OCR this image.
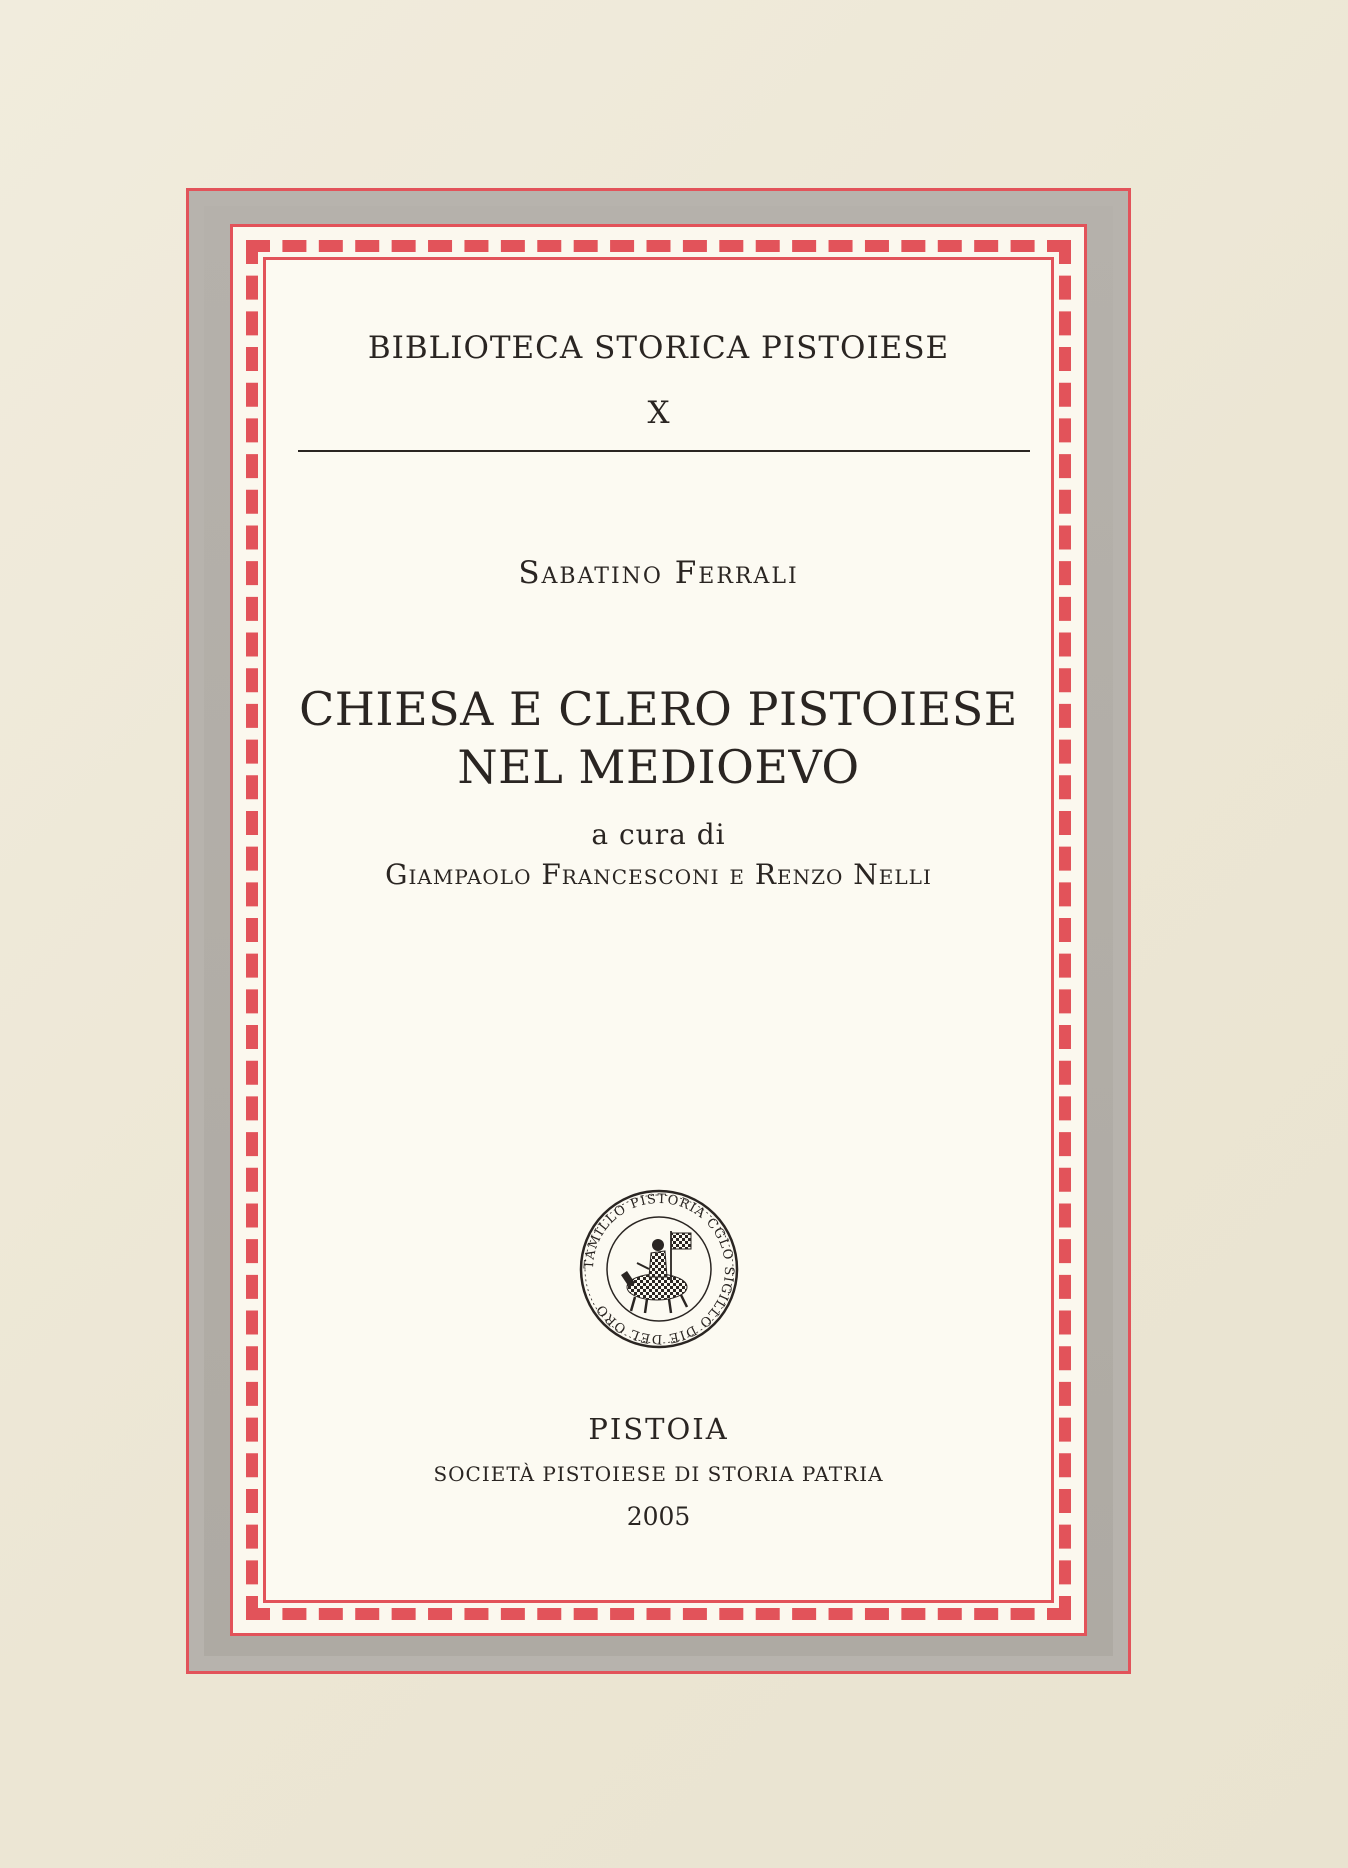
BIBLIOTECA STORICA PISTOIESE
X
Sabatino Ferrali
CHIESA E CLERO PISTOIESE
NEL MEDIOEVO
a cura di
Giampaolo Francesconi e Renzo Nelli
TAMILLO PISTORIA CGLO SIGILLO DIE DEL ORO
PISTOIA
SOCIETÀ PISTOIESE DI STORIA PATRIA
2005
